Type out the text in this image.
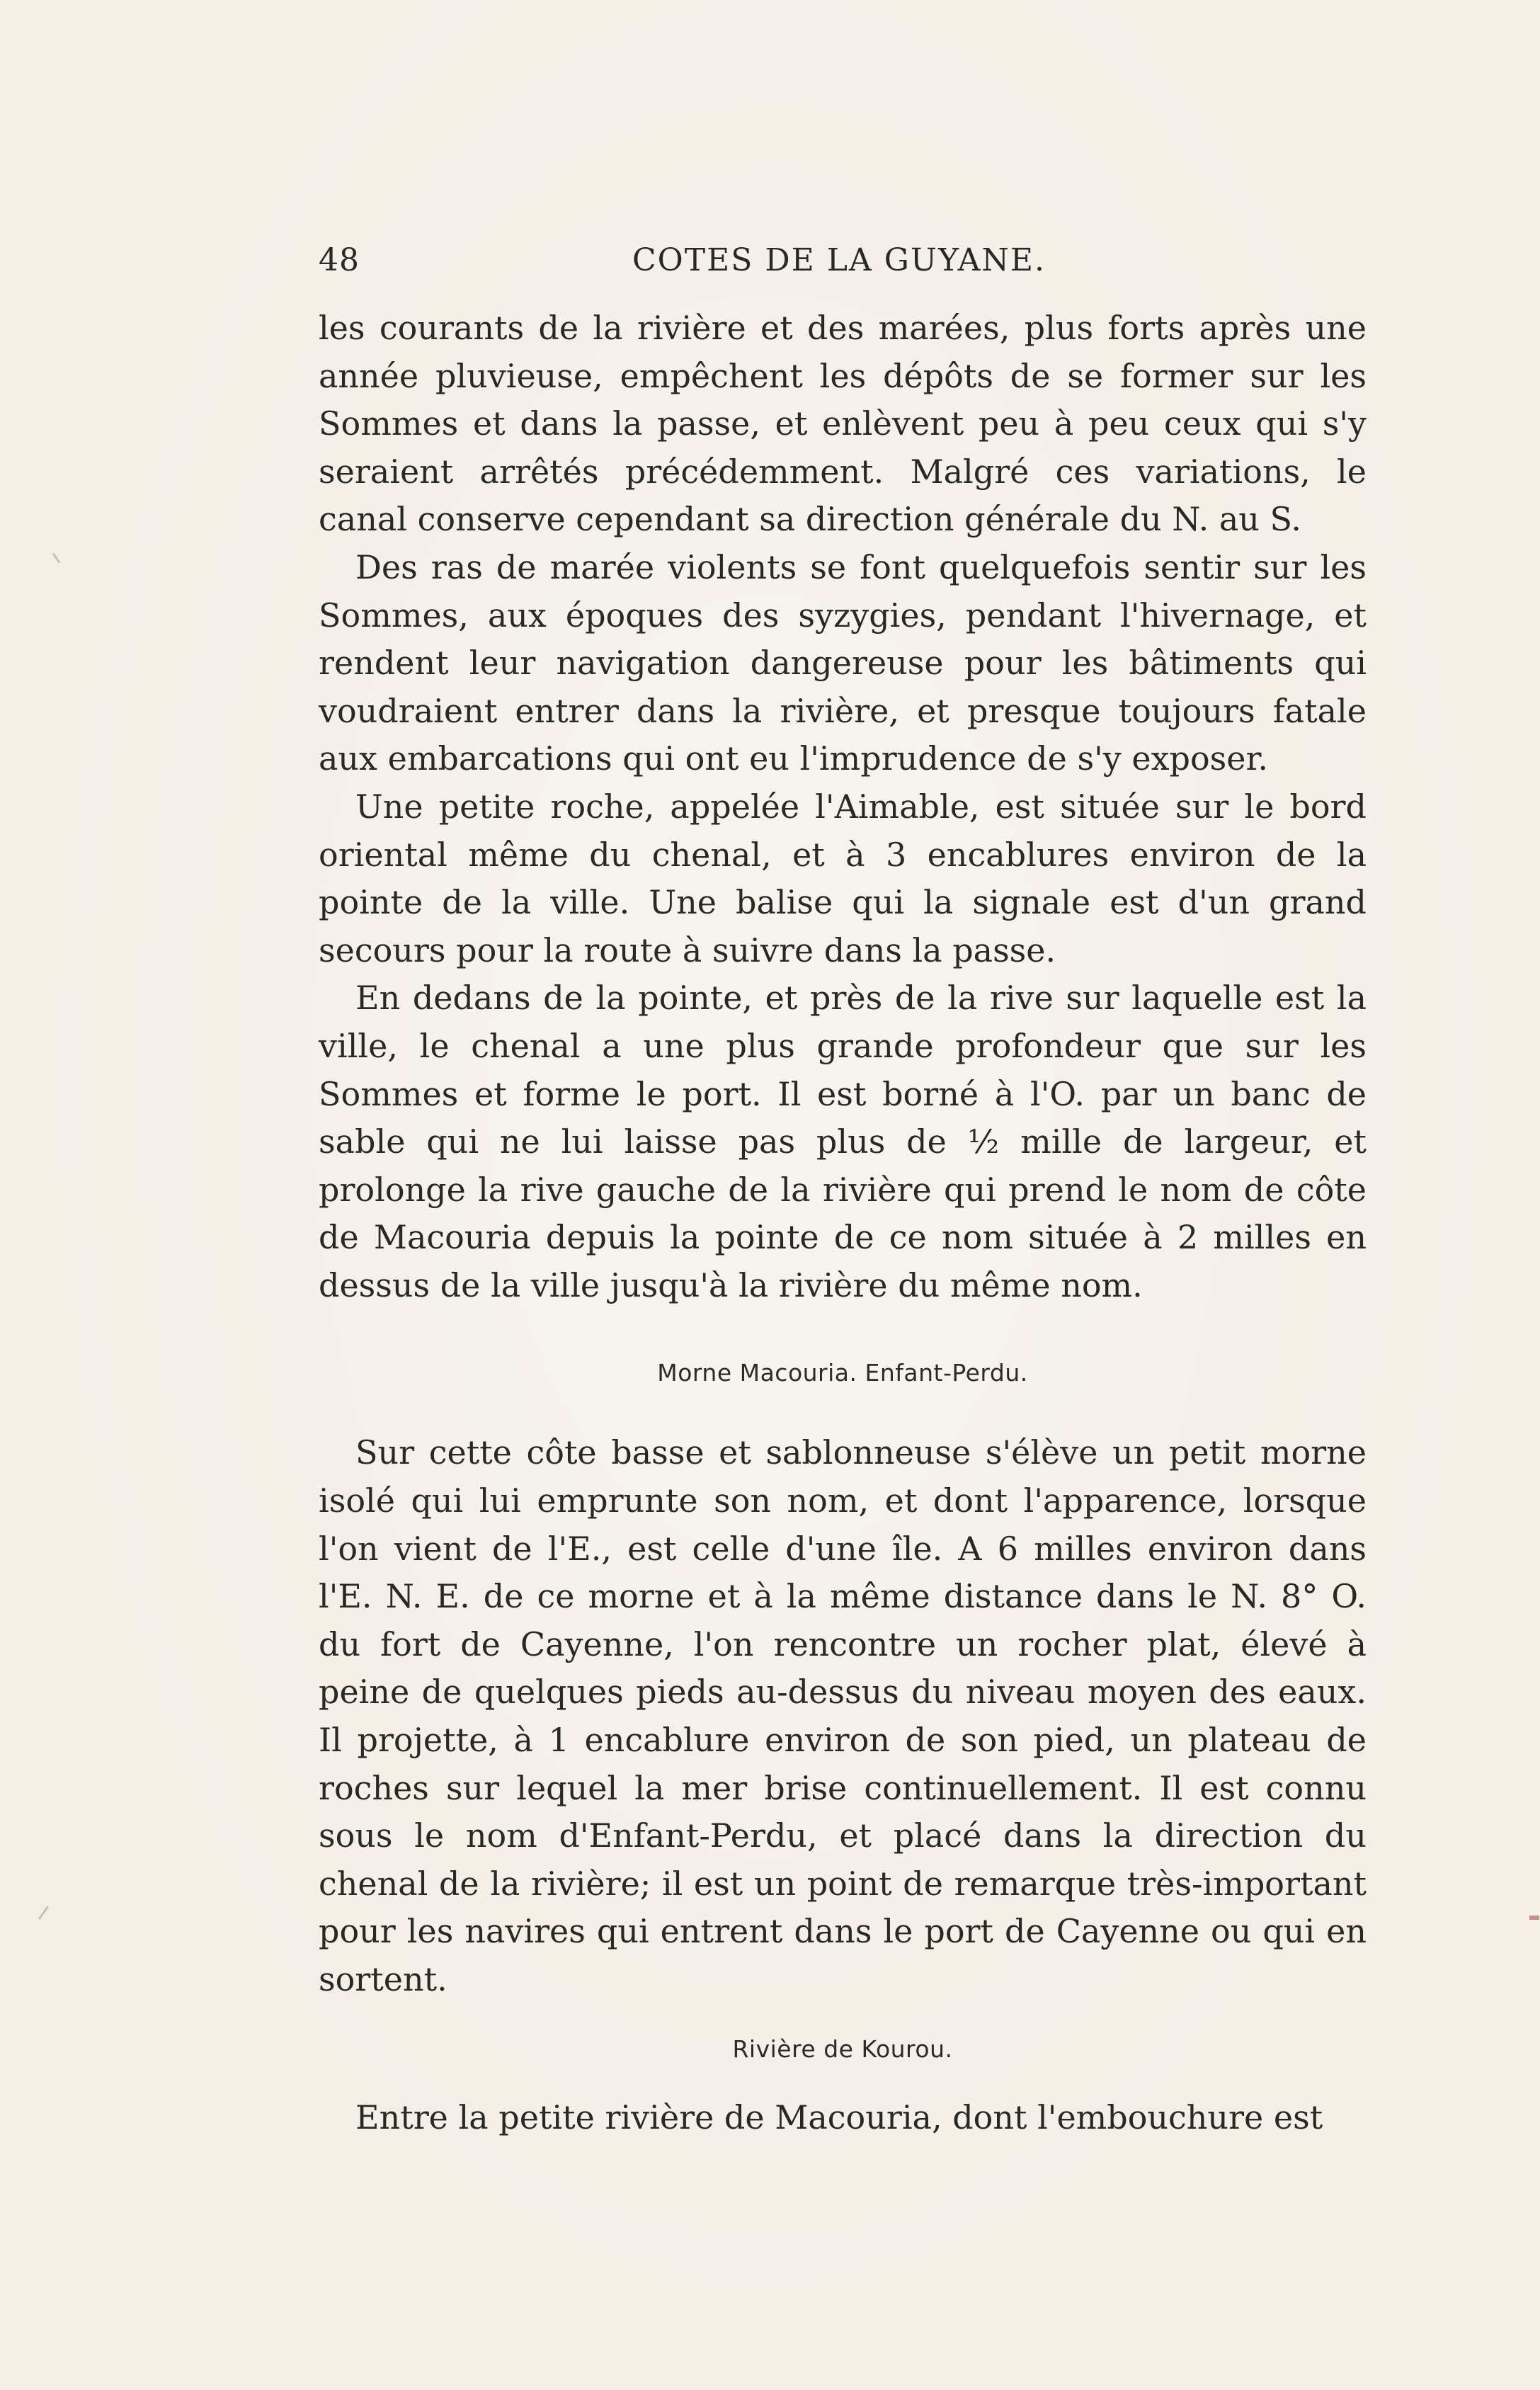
COTES DE LA GUYANE.
48

les courants de la rivière et des marées, plus forts après une année pluvieuse, empêchent les dépôts de se former sur les Sommes et dans la passe, et enlèvent peu à peu ceux qui s'y seraient arrêtés précédemment. Malgré ces variations, le canal conserve cependant sa direction générale du N. au S.

Des ras de marée violents se font quelquefois sentir sur les Sommes, aux époques des syzygies, pendant l'hivernage, et rendent leur navigation dangereuse pour les bâtiments qui voudraient entrer dans la rivière, et presque toujours fatale aux embarcations qui ont eu l'imprudence de s'y exposer.

Une petite roche, appelée l'Aimable, est située sur le bord oriental même du chenal, et à 3 encablures environ de la pointe de la ville. Une balise qui la signale est d'un grand secours pour la route à suivre dans la passe.

En dedans de la pointe, et près de la rive sur laquelle est la ville, le chenal a une plus grande profondeur que sur les Sommes et forme le port. Il est borné à l'O. par un banc de sable qui ne lui laisse pas plus de ½ mille de largeur, et prolonge la rive gauche de la rivière qui prend le nom de côte de Macouria depuis la pointe de ce nom située à 2 milles en dessus de la ville jusqu'à la rivière du même nom.

Morne Macouria. Enfant-Perdu.

Sur cette côte basse et sablonneuse s'élève un petit morne isolé qui lui emprunte son nom, et dont l'apparence, lorsque l'on vient de l'E., est celle d'une île. A 6 milles environ dans l'E. N. E. de ce morne et à la même distance dans le N. 8° O. du fort de Cayenne, l'on rencontre un rocher plat, élevé à peine de quelques pieds au-dessus du niveau moyen des eaux. Il projette, à 1 encablure environ de son pied, un plateau de roches sur lequel la mer brise continuellement. Il est connu sous le nom d'Enfant-Perdu, et placé dans la direction du chenal de la rivière; il est un point de remarque très-important pour les navires qui entrent dans le port de Cayenne ou qui en sortent.

Rivière de Kourou.

Entre la petite rivière de Macouria, dont l'embouchure est
